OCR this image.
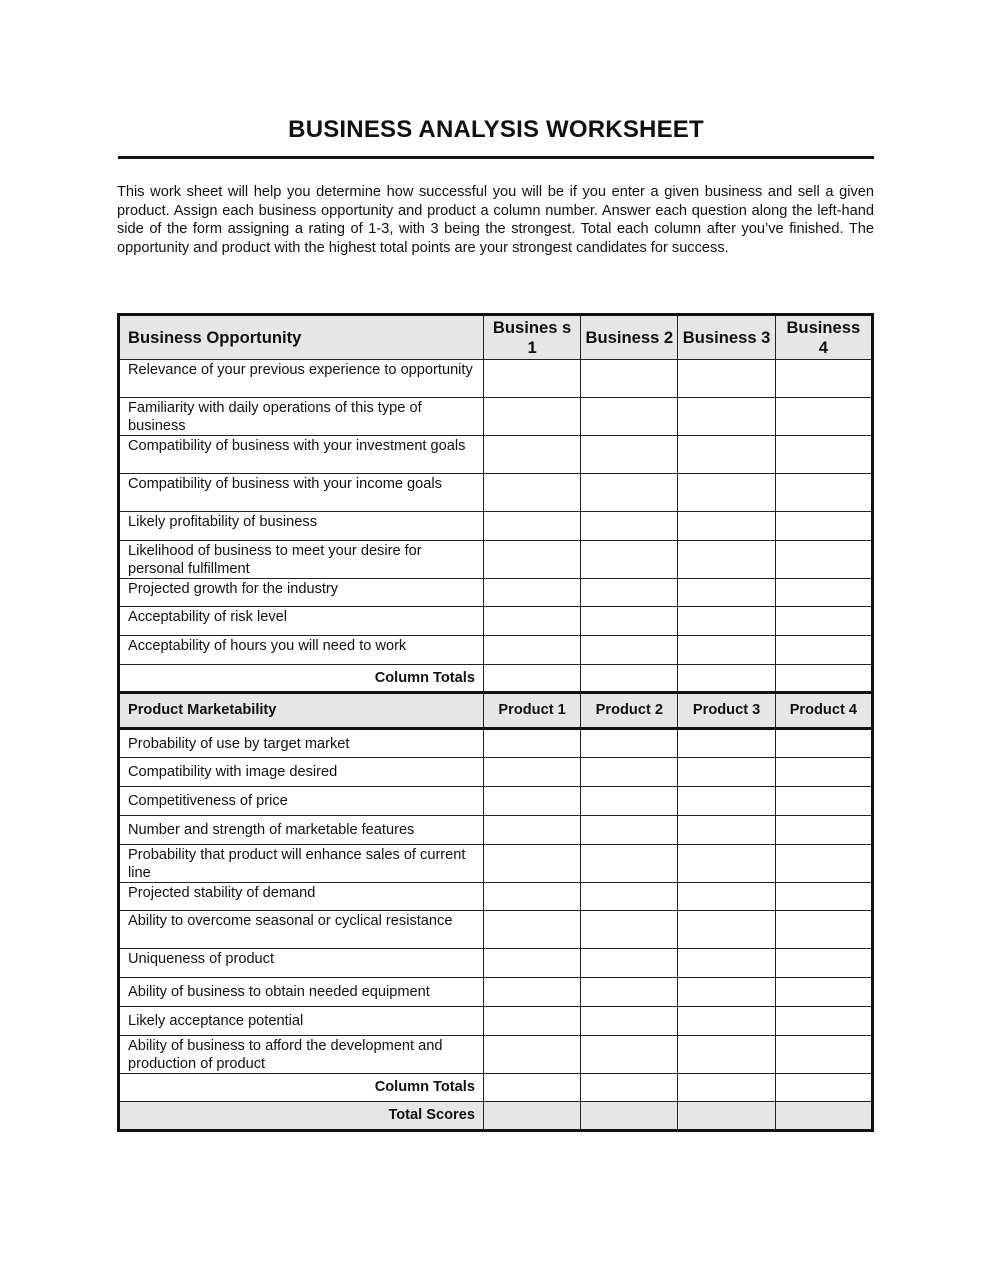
BUSINESS ANALYSIS WORKSHEET
This work sheet will help you determine how successful you will be if you enter a given business and sell a given product. Assign each business opportunity and product a column number. Answer each question along the left-hand side of the form assigning a rating of 1-3, with 3 being the strongest. Total each column after you’ve finished. The opportunity and product with the highest total points are your strongest candidates for success.
Business Opportunity	Busines s 1	Business 2	Business 3	Business 4
Relevance of your previous experience to opportunity				
Familiarity with daily operations of this type of business				
Compatibility of business with your investment goals				
Compatibility of business with your income goals				
Likely profitability of business				
Likelihood of business to meet your desire for personal fulfillment				
Projected growth for the industry				
Acceptability of risk level				
Acceptability of hours you will need to work				
Column Totals				
Product Marketability	Product 1	Product 2	Product 3	Product 4
Probability of use by target market				
Compatibility with image desired				
Competitiveness of price				
Number and strength of marketable features				
Probability that product will enhance sales of current line				
Projected stability of demand				
Ability to overcome seasonal or cyclical resistance				
Uniqueness of product				
Ability of business to obtain needed equipment				
Likely acceptance potential				
Ability of business to afford the development and production of product				
Column Totals				
Total Scores				
